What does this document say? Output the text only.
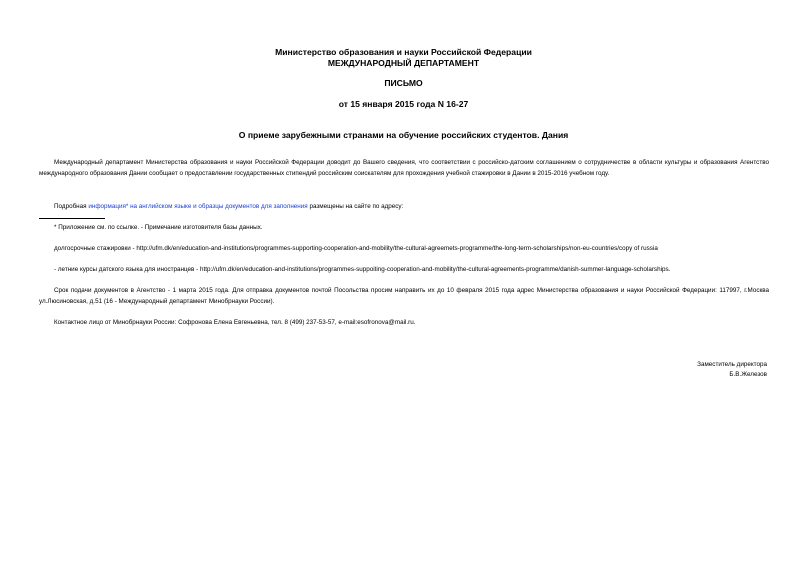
Министерство образования и науки Российской Федерации
МЕЖДУНАРОДНЫЙ ДЕПАРТАМЕНТ
ПИСЬМО
от 15 января 2015 года N 16-27
О приеме зарубежными странами на обучение российских студентов. Дания
Международный департамент Министерства образования и науки Российской Федерации доводит до Вашего сведения, что соответствии с российско-датским соглашением о сотрудничестве в области культуры и образования Агентство международного образования Дании сообщает о предоставлении государственных стипендий российским соискателям для прохождения учебной стажировки в Дании в 2015-2016 учебном году.
Подробная информация* на английском языке и образцы документов для заполнения размещены на сайте по адресу:
* Приложение см. по ссылке. - Примечание изготовителя базы данных.
долгосрочные стажировки - http://ufm.dk/en/education-and-institutions/programmes-supporting-cooperation-and-mobility/the-cultural-agreemets-programme/the-long-term-scholarships/non-eu-countries/copy of russia
- летние курсы датского языка для иностранцев - http://ufm.dk/en/education-and-institutions/programmes-suppoiting-cooperation-and-mobility/the-cultural-agreements-programme/danish-summer-language-scholarships.
Срок подачи документов в Агентство - 1 марта 2015 года. Для отправка документов почтой Посольства просим направить их до 10 февраля 2015 года адрес Министерства образования и науки Российской Федерации: 117997, г.Москва ул.Люсиновская, д.51 (16 - Международный департамент Минобрнауки России).
Контактное лицо от Минобрнауки России: Софронова Елена Евгеньевна, тел. 8 (499) 237-53-57, e-mail:esofronova@mail.ru.
Заместитель директора
Б.В.Железов
